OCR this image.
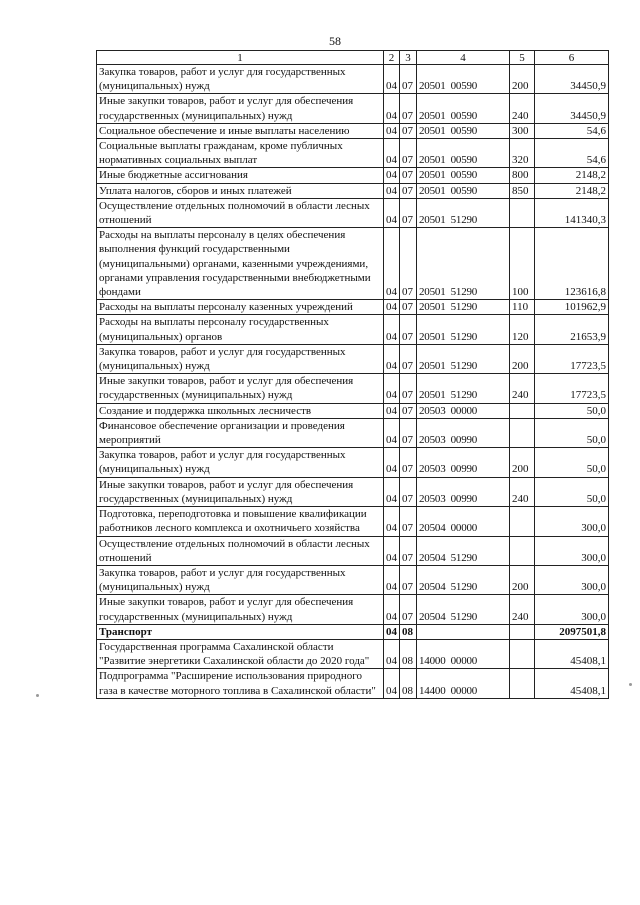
58
1	2	3	4	5	6
Закупка товаров, работ и услуг для государственных (муниципальных) нужд	04	07	20501  00590	200	34450,9
Иные закупки товаров, работ и услуг для обеспечения государственных (муниципальных) нужд	04	07	20501  00590	240	34450,9
Социальное обеспечение и иные выплаты населению	04	07	20501  00590	300	54,6
Социальные выплаты гражданам, кроме публичных нормативных социальных выплат	04	07	20501  00590	320	54,6
Иные бюджетные ассигнования	04	07	20501  00590	800	2148,2
Уплата налогов, сборов и иных платежей	04	07	20501  00590	850	2148,2
Осуществление отдельных полномочий в области лесных отношений	04	07	20501  51290		141340,3
Расходы на выплаты персоналу в целях обеспечения выполнения функций государственными (муниципальными) органами, казенными учреждениями, органами управления государственными внебюджетными фондами	04	07	20501  51290	100	123616,8
Расходы на выплаты персоналу казенных учреждений	04	07	20501  51290	110	101962,9
Расходы на выплаты персоналу государственных (муниципальных) органов	04	07	20501  51290	120	21653,9
Закупка товаров, работ и услуг для государственных (муниципальных) нужд	04	07	20501  51290	200	17723,5
Иные закупки товаров, работ и услуг для обеспечения государственных (муниципальных) нужд	04	07	20501  51290	240	17723,5
Создание и поддержка школьных лесничеств	04	07	20503  00000		50,0
Финансовое обеспечение организации и проведения мероприятий	04	07	20503  00990		50,0
Закупка товаров, работ и услуг для государственных (муниципальных) нужд	04	07	20503  00990	200	50,0
Иные закупки товаров, работ и услуг для обеспечения государственных (муниципальных) нужд	04	07	20503  00990	240	50,0
Подготовка, переподготовка и повышение квалификации работников лесного комплекса и охотничьего хозяйства	04	07	20504  00000		300,0
Осуществление отдельных полномочий в области лесных отношений	04	07	20504  51290		300,0
Закупка товаров, работ и услуг для государственных (муниципальных) нужд	04	07	20504  51290	200	300,0
Иные закупки товаров, работ и услуг для обеспечения государственных (муниципальных) нужд	04	07	20504  51290	240	300,0
Транспорт	04	08			2097501,8
Государственная программа Сахалинской области "Развитие энергетики Сахалинской области до 2020 года"	04	08	14000  00000		45408,1
Подпрограмма "Расширение использования природного газа в качестве моторного топлива в Сахалинской области"	04	08	14400  00000		45408,1
